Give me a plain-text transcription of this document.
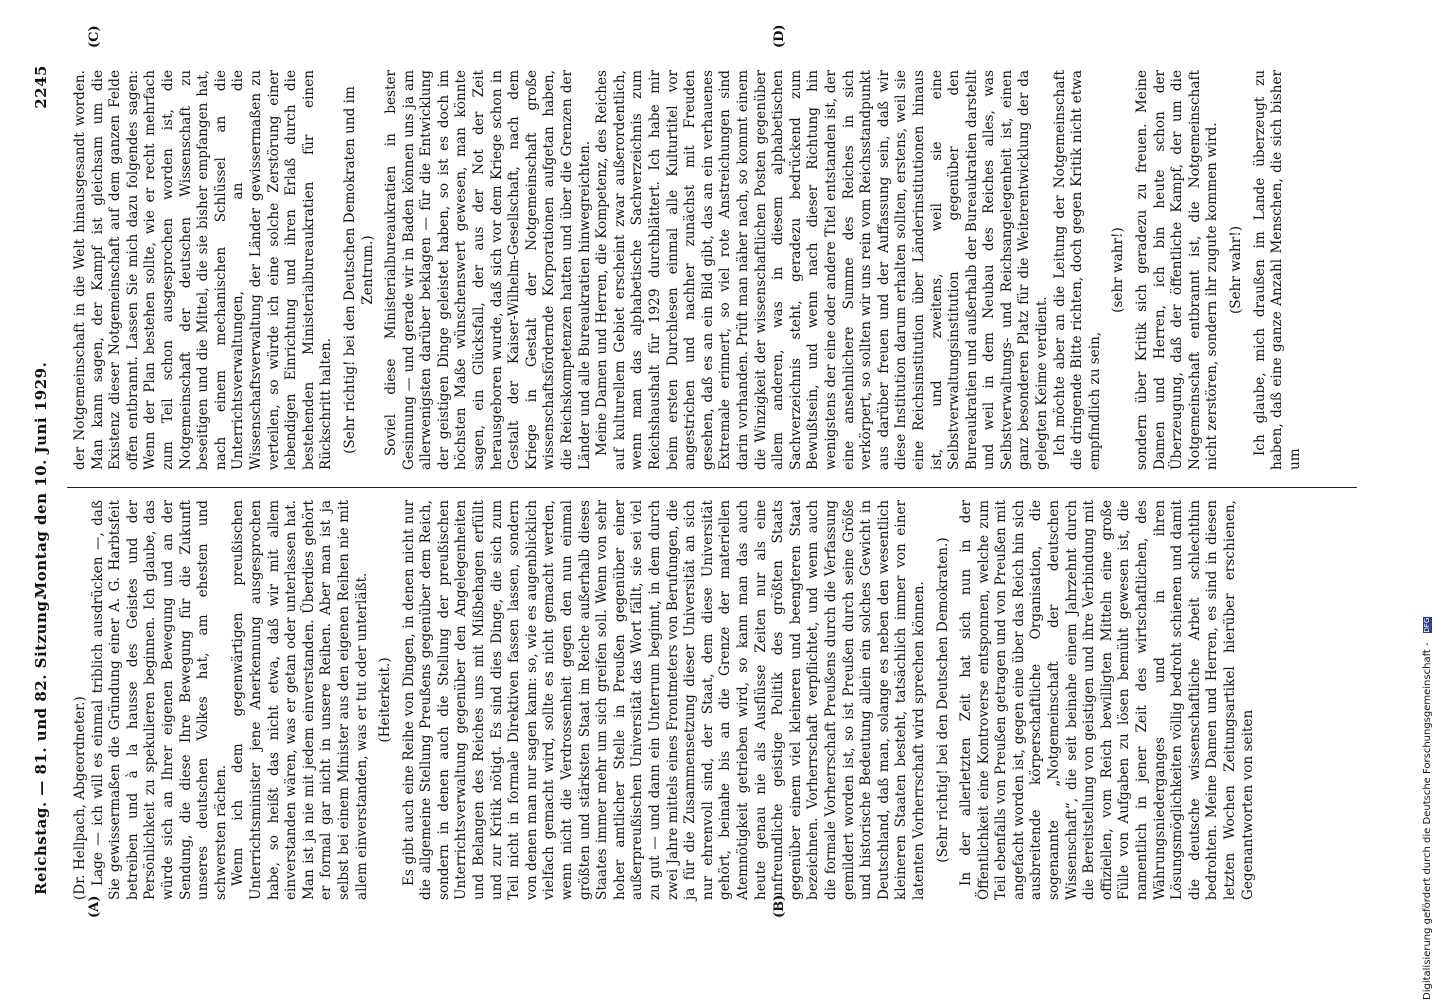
Reichstag. — 81. und 82. Sitzung.
Montag den 10. Juni 1929.
2245
(A)	(B)
(C)	(D)

(Dr. Hellpach, Abgeordneter.) Lage — ich will es einmal triblich ausdrücken —, daß Sie gewissermaßen die Gründung einer A. G. Harbtsfeit betreiben und à la hausse des Geistes und der Persönlichkeit zu spekulieren beginnen. Ich glaube, das würde sich an Ihrer eigenen Bewegung und an der Sendung, die diese Ihre Bewegung für die Zukunft unseres deutschen Volkes hat, am ehesten und schwersten rächen. Wenn ich dem gegenwärtigen preußischen Unterrichtsminister jene Anerkennung ausgesprochen habe, so heißt das nicht etwa, daß wir mit allem einverstanden wären, was er getan oder unterlassen hat. Man ist ja nie mit jedem einverstanden. Überdies gehört er formal gar nicht in unsere Reihen. Aber man ist ja selbst bei einem Minister aus den eigenen Reihen nie mit allem einverstanden, was er tut oder unterläßt. (Heiterkeit.) Es gibt auch eine Reihe von Dingen, in denen nicht nur die allgemeine Stellung Preußens gegenüber dem Reich, sondern in denen auch die Stellung der preußischen Unterrichtsverwaltung gegenüber den Angelegenheiten und Belangen des Reiches uns mit Mißbehagen erfüllt und zur Kritik nötigt. Es sind dies Dinge, die sich zum Teil nicht in formale Direktiven fassen lassen, sondern von denen man nur sagen kann: so, wie es augenblicklich vielfach gemacht wird, sollte es nicht gemacht werden, wenn nicht die Verdrossenheit gegen den nun einmal größten und stärksten Staat im Reiche außerhalb dieses Staates immer mehr um sich greifen soll. Wenn von sehr hoher amtlicher Stelle in Preußen gegenüber einer außerpreußischen Universität das Wort fällt, sie sei viel zu gut — und dann ein Unterrum beginnt, in dem durch zwei Jahre mittels eines Frontmeters von Berufungen, die ja für die Zusammensetzung dieser Universität an sich nur ehrenvoll sind, der Staat, dem diese Universität gehört, beinahe bis an die Grenze der materiellen Atemnötigkeit getrieben wird, so kann man das auch heute genau nie als Ausflüsse Zeiten nur als eine unfreundliche geistige Politik des größten Staats gegenüber einem viel kleineren und beengteren Staat bezeichnen. Vorherrschaft verpflichtet, und wenn auch die formale Vorherrschaft Preußens durch die Verfassung gemildert worden ist, so ist Preußen durch seine Größe und historische Bedeutung allein ein solches Gewicht in Deutschland, daß man, solange es neben den wesentlich kleineren Staaten besteht, tatsächlich immer von einer latenten Vorherrschaft wird sprechen können. (Sehr richtig! bei den Deutschen Demokraten.) In der allerletzten Zeit hat sich nun in der Öffentlichkeit eine Kontroverse entsponnen, welche zum Teil ebenfalls von Preußen getragen und von Preußen mit angefacht worden ist, gegen eine über das Reich hin sich ausbreitende körperschaftliche Organisation, die sogenannte „Notgemeinschaft der deutschen Wissenschaft“, die seit beinahe einem Jahrzehnt durch die Bereitstellung von geistigen und ihre Verbindung mit offiziellen, vom Reich bewilligten Mitteln eine große Fülle von Aufgaben zu lösen bemüht gewesen ist, die namentlich in jener Zeit des wirtschaftlichen, des Währungsniederganges und in ihren Lösungsmöglichkeiten völlig bedroht schienen und damit die deutsche wissenschaftliche Arbeit schlechthin bedrohten. Meine Damen und Herren, es sind in diesen letzten Wochen Zeitungsartikel hierüber erschienen, Gegenantworten von seiten

der Notgemeinschaft in die Welt hinausgesandt worden. Man kann sagen, der Kampf ist gleichsam um die Existenz dieser Notgemeinschaft auf dem ganzen Felde offen entbrannt. Lassen Sie mich dazu folgendes sagen: Wenn der Plan bestehen sollte, wie er recht mehrfach zum Teil schon ausgesprochen worden ist, die Notgemeinschaft der deutschen Wissenschaft zu beseitigen und die Mittel, die sie bisher empfangen hat, nach einem mechanischen Schlüssel an die Unterrichtsverwaltungen, an die Wissenschaftsverwaltung der Länder gewissermaßen zu verteilen, so würde ich eine solche Zerstörung einer lebendigen Einrichtung und ihren Erlaß durch die bestehenden Ministerialbureaukratien für einen Rückschritt halten. (Sehr richtig! bei den Deutschen Demokraten und im Zentrum.) Soviel diese Ministerialbureaukratien in bester Gesinnung — und gerade wir in Baden können uns ja am allerwenigsten darüber beklagen — für die Entwicklung der geistigen Dinge geleistet haben, so ist es doch im höchsten Maße wünschenswert gewesen, man könnte sagen, ein Glücksfall, der aus der Not der Zeit herausgeboren wurde, daß sich vor dem Kriege schon in Gestalt der Kaiser-Wilhelm-Gesellschaft, nach dem Kriege in Gestalt der Notgemeinschaft große wissenschaftsfördernde Korporationen aufgetan haben, die Reichskompetenzen hatten und über die Grenzen der Länder und alle Bureaukratien hinwegreichten. Meine Damen und Herren, die Kompetenz, des Reiches auf kulturellem Gebiet erscheint zwar außerordentlich, wenn man das alphabetische Sachverzeichnis zum Reichshaushalt für 1929 durchblättert. Ich habe mir beim ersten Durchlesen einmal alle Kulturtitel vor angestrichen und nachher zunächst mit Freuden gesehen, daß es an ein Bild gibt, das an ein verhauenes Extremale erinnert, so viel rote Anstreichungen sind darin vorhanden. Prüft man näher nach, so kommt einem die Winzigkeit der wissenschaftlichen Posten gegenüber allem anderen, was in diesem alphabetischen Sachverzeichnis steht, geradezu bedrückend zum Bewußtsein, und wenn nach dieser Richtung hin wenigstens der eine oder andere Titel entstanden ist, der eine ansehnlichere Summe des Reiches in sich verkörpert, so sollten wir uns rein vom Reichsstandpunkt aus darüber freuen und der Auffassung sein, daß wir diese Institution darum erhalten sollten, erstens, weil sie eine Reichsinstitution über Länderinstitutionen hinaus ist, und zweitens, weil sie eine Selbstverwaltungsinstitution gegenüber den Bureaukratien und außerhalb der Bureaukratien darstellt und weil in dem Neubau des Reiches alles, was Selbstverwaltungs- und Reichsangelegenheit ist, einen ganz besonderen Platz für die Weiterentwicklung der da gelegten Keime verdient. Ich möchte aber an die Leitung der Notgemeinschaft die dringende Bitte richten, doch gegen Kritik nicht etwa empfindlich zu sein,

(sehr wahr!) sondern über Kritik sich geradezu zu freuen. Meine Damen und Herren, ich bin heute schon der Überzeugung, daß der öffentliche Kampf, der um die Notgemeinschaft entbrannt ist, die Notgemeinschaft nicht zerstören, sondern ihr zugute kommen wird. (Sehr wahr!) Ich glaube, mich draußen im Lande überzeugt zu haben, daß eine ganze Anzahl Menschen, die sich bisher um

Digitalisierung gefördert durch die Deutsche Forschungsgemeinschaft - DFG
